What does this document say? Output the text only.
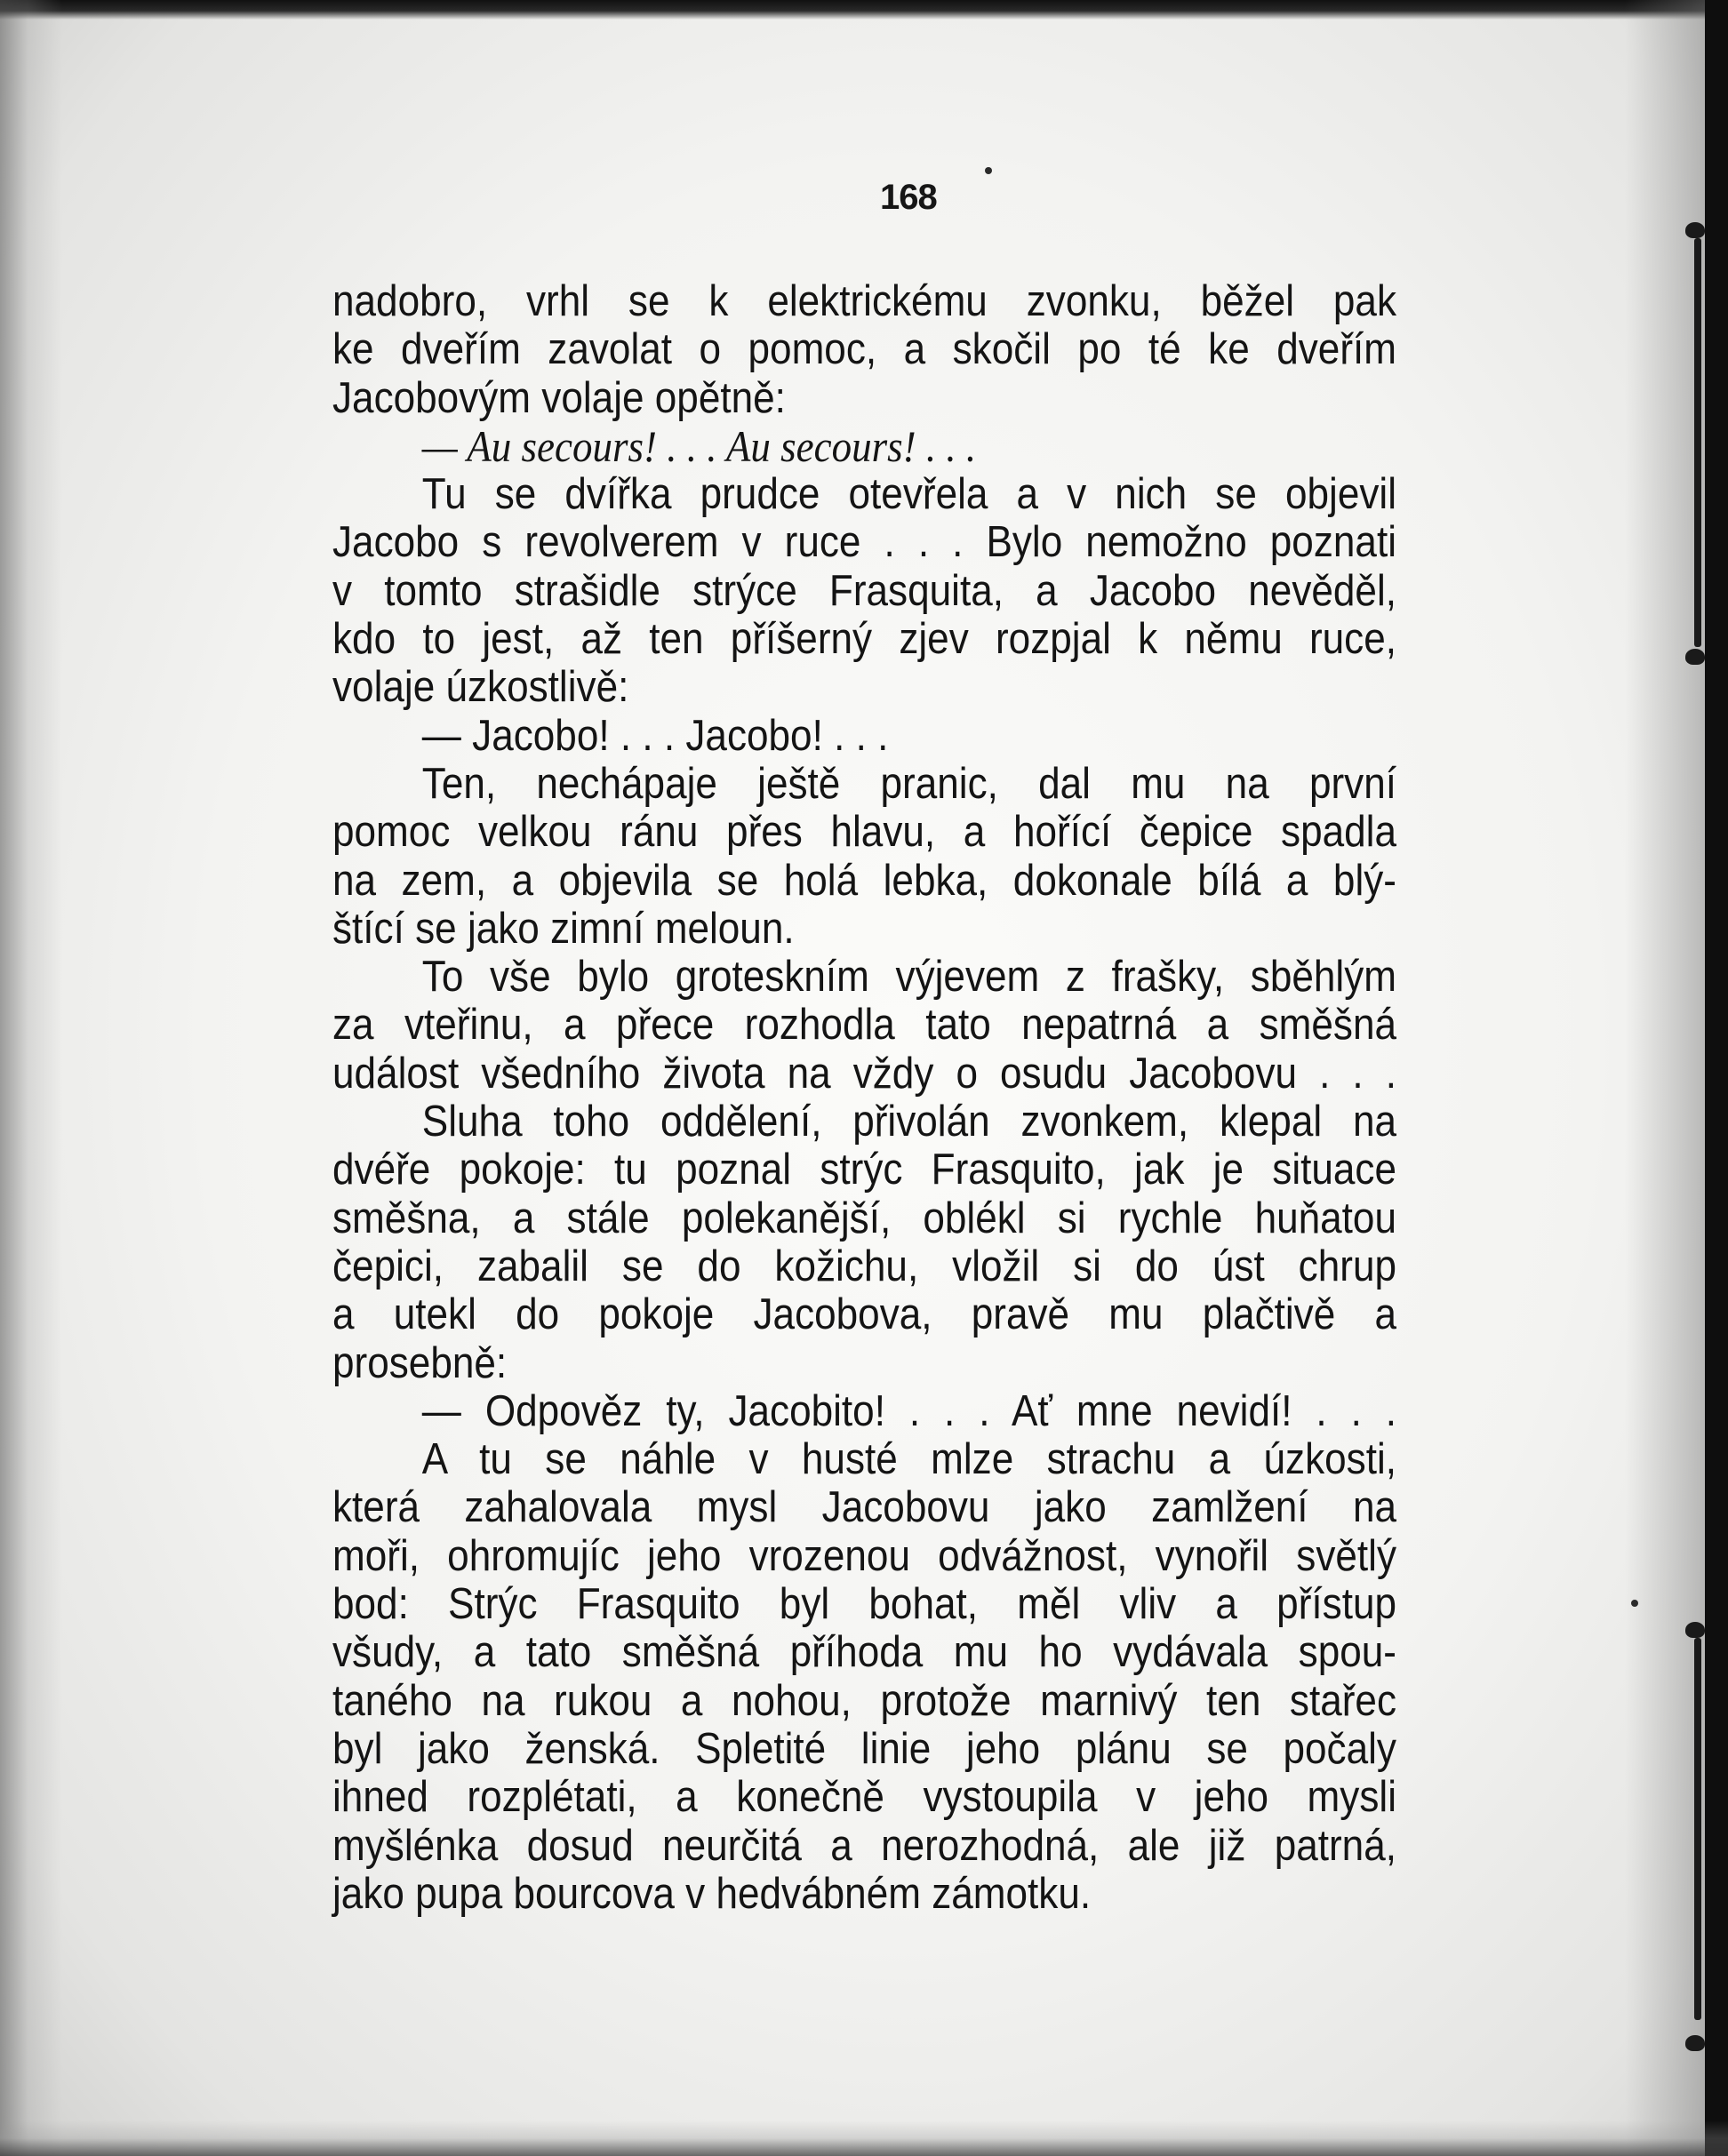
168
nadobro, vrhl se k elektrickému zvonku, běžel pak
ke dveřím zavolat o pomoc, a skočil po té ke dveřím
Jacobovým volaje opětně:
— Au secours! . . . Au secours! . . .
Tu se dvířka prudce otevřela a v nich se objevil
Jacobo s revolverem v ruce . . . Bylo nemožno poznati
v tomto strašidle strýce Frasquita, a Jacobo nevěděl,
kdo to jest, až ten příšerný zjev rozpjal k němu ruce,
volaje úzkostlivě:
— Jacobo! . . . Jacobo! . . .
Ten, nechápaje ještě pranic, dal mu na první
pomoc velkou ránu přes hlavu, a hořící čepice spadla
na zem, a objevila se holá lebka, dokonale bílá a blý-
štící se jako zimní meloun.
To vše bylo groteskním výjevem z frašky, sběhlým
za vteřinu, a přece rozhodla tato nepatrná a směšná
událost všedního života na vždy o osudu Jacobovu . . .
Sluha toho oddělení, přivolán zvonkem, klepal na
dvéře pokoje: tu poznal strýc Frasquito, jak je situace
směšna, a stále polekanější, oblékl si rychle huňatou
čepici, zabalil se do kožichu, vložil si do úst chrup
a utekl do pokoje Jacobova, pravě mu plačtivě a
prosebně:
— Odpověz ty, Jacobito! . . . Ať mne nevidí! . . .
A tu se náhle v husté mlze strachu a úzkosti,
která zahalovala mysl Jacobovu jako zamlžení na
moři, ohromujíc jeho vrozenou odvážnost, vynořil světlý
bod: Strýc Frasquito byl bohat, měl vliv a přístup
všudy, a tato směšná příhoda mu ho vydávala spou-
taného na rukou a nohou, protože marnivý ten stařec
byl jako ženská. Spletité linie jeho plánu se počaly
ihned rozplétati, a konečně vystoupila v jeho mysli
myšlénka dosud neurčitá a nerozhodná, ale již patrná,
jako pupa bourcova v hedvábném zámotku.
